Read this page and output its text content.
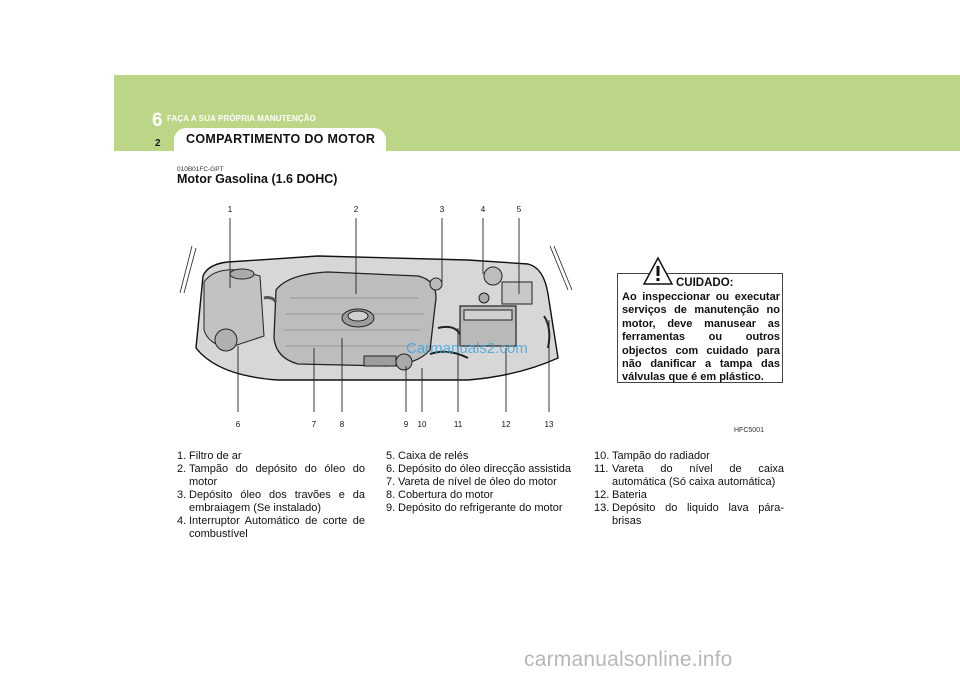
6 FAÇA A SUA PRÓPRIA MANUTENÇÃO
2 COMPARTIMENTO DO MOTOR
010B01FC-GPT
Motor Gasolina (1.6 DOHC)
1	2	3	4	5
6	7	8	9 10	11	12	13
Carmanuals2.com
HFC5001
CUIDADO:
Ao inspeccionar ou executar serviços de manutenção no motor, deve manusear as ferramentas ou outros objectos com cuidado para não danificar a tampa das válvulas que é em plástico.
1. Filtro de ar
2. Tampão do depósito do óleo do motor
3. Depósito óleo dos travões e da embraiagem (Se instalado)
4. Interruptor Automático de corte de combustível
5. Caixa de relés
6. Depósito do óleo direcção assistida
7. Vareta de nível de óleo do motor
8. Cobertura do motor
9. Depósito do refrigerante do motor
10. Tampão do radiador
11. Vareta do nível de caixa automática (Só caixa automática)
12. Bateria
13. Depósito do liquido lava pára-brisas
carmanualsonline.info
